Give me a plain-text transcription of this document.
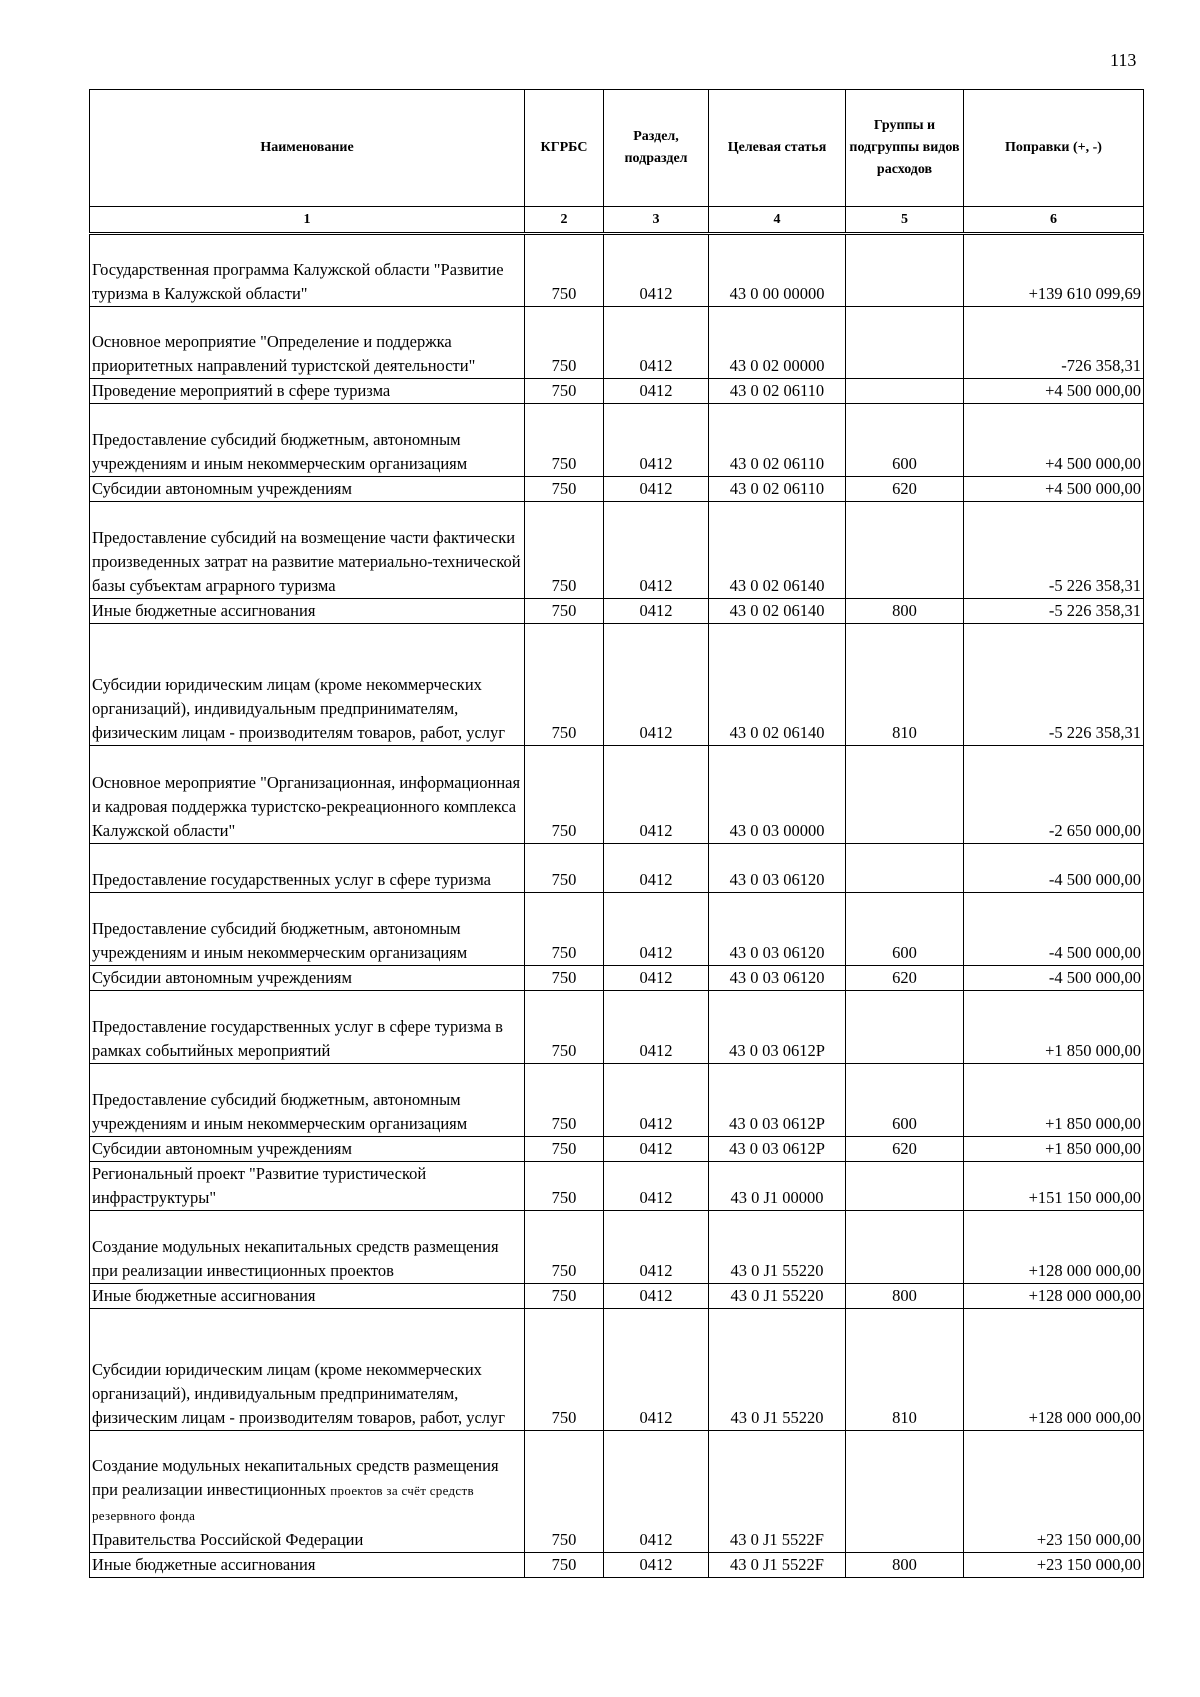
113
Наименование	КГРБС	Раздел, подраздел	Целевая статья	Группы и подгруппы видов расходов	Поправки (+, -)
1	2	3	4	5	6
Государственная программа Калужской области "Развитие туризма в Калужской области"	750	0412	43 0 00 00000		+139 610 099,69
Основное мероприятие "Определение и поддержка приоритетных направлений туристской деятельности"	750	0412	43 0 02 00000		-726 358,31
Проведение мероприятий в сфере туризма	750	0412	43 0 02 06110		+4 500 000,00
Предоставление субсидий бюджетным, автономным учреждениям и иным некоммерческим организациям	750	0412	43 0 02 06110	600	+4 500 000,00
Субсидии автономным учреждениям	750	0412	43 0 02 06110	620	+4 500 000,00
Предоставление субсидий на возмещение части фактически произведенных затрат на развитие материально-технической базы субъектам аграрного туризма	750	0412	43 0 02 06140		-5 226 358,31
Иные бюджетные ассигнования	750	0412	43 0 02 06140	800	-5 226 358,31
Субсидии юридическим лицам (кроме некоммерческих организаций), индивидуальным предпринимателям, физическим лицам - производителям товаров, работ, услуг	750	0412	43 0 02 06140	810	-5 226 358,31
Основное мероприятие "Организационная, информационная и кадровая поддержка туристско-рекреационного комплекса Калужской области"	750	0412	43 0 03 00000		-2 650 000,00
Предоставление государственных услуг в сфере туризма	750	0412	43 0 03 06120		-4 500 000,00
Предоставление субсидий бюджетным, автономным учреждениям и иным некоммерческим организациям	750	0412	43 0 03 06120	600	-4 500 000,00
Субсидии автономным учреждениям	750	0412	43 0 03 06120	620	-4 500 000,00
Предоставление государственных услуг в сфере туризма в рамках событийных мероприятий	750	0412	43 0 03 0612Р		+1 850 000,00
Предоставление субсидий бюджетным, автономным учреждениям и иным некоммерческим организациям	750	0412	43 0 03 0612Р	600	+1 850 000,00
Субсидии автономным учреждениям	750	0412	43 0 03 0612Р	620	+1 850 000,00
Региональный проект "Развитие туристической инфраструктуры"	750	0412	43 0 J1 00000		+151 150 000,00
Создание модульных некапитальных средств размещения при реализации инвестиционных проектов	750	0412	43 0 J1 55220		+128 000 000,00
Иные бюджетные ассигнования	750	0412	43 0 J1 55220	800	+128 000 000,00
Субсидии юридическим лицам (кроме некоммерческих организаций), индивидуальным предпринимателям, физическим лицам - производителям товаров, работ, услуг	750	0412	43 0 J1 55220	810	+128 000 000,00
Создание модульных некапитальных средств размещения при реализации инвестиционных проектов за счёт средств резервного фонда
Правительства Российской Федерации	750	0412	43 0 J1 5522F		+23 150 000,00
Иные бюджетные ассигнования	750	0412	43 0 J1 5522F	800	+23 150 000,00
